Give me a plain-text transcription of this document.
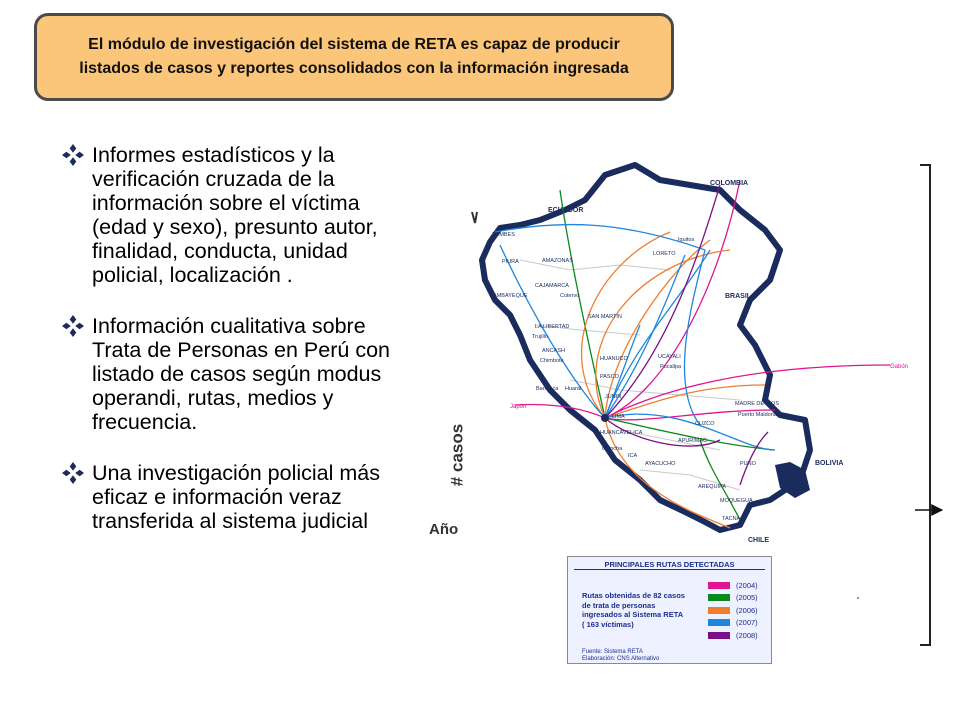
El módulo de investigación del sistema de RETA es capaz de producir listados de casos y reportes consolidados con la información ingresada
Informes estadísticos y la verificación cruzada de la información sobre el víctima (edad y sexo), presunto autor, finalidad, conducta, unidad policial, localización .
Información cualitativa sobre Trata de Personas en Perú con listado de casos según modus operandi, rutas, medios y frecuencia.
Una investigación policial más eficaz e información veraz transferida al sistema judicial
# casos
Año
COLOMBIA
ECUADOR
BRASIL
BOLIVIA
CHILE
TUMBES
PIURA
LAMBAYEQUE
CAJAMARCA
AMAZONAS
LORETO
Iquitos
Cutervo
SAN MARTIN
LA LIBERTAD
Trujillo
ANCASH
Chimbote	HUANUCO	UCAYALI
Pucallpa
Barranca Huaral
PASCO
JUNIN
LIMA
HUANCAVELICA
ICA
Chincha
AYACUCHO
APURIMAC
CUZCO
PUNO
MADRE DE DIOS
Puerto Maldonado
AREQUIPA
MOQUEGUA
TACNA
Japón
Gabón
PRINCIPALES RUTAS DETECTADAS
Rutas obtenidas de 82 casos de trata de personas ingresados al Sistema RETA ( 163 víctimas)
(2004)
(2005)
(2006)
(2007)
(2008)
Fuente: Sistema RETA
Elaboración: CNS Alternativo
